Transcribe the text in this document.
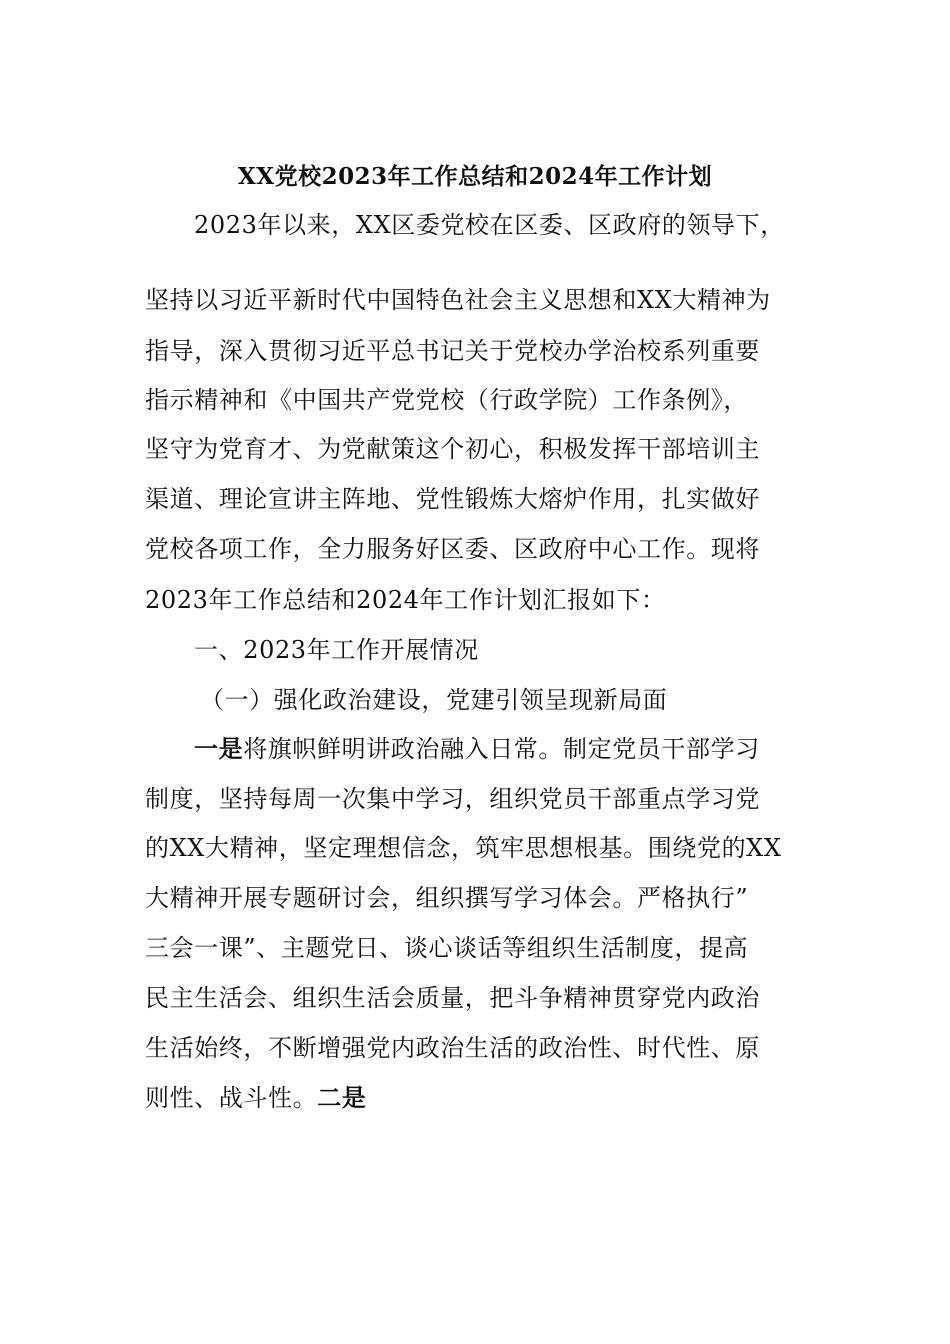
XX党校2023年工作总结和2024年工作计划
2023年以来，XX区委党校在区委、区政府的领导下，
坚持以习近平新时代中国特色社会主义思想和XX大精神为
指导，深入贯彻习近平总书记关于党校办学治校系列重要
指示精神和《中国共产党党校（行政学院）工作条例》，
坚守为党育才、为党献策这个初心，积极发挥干部培训主
渠道、理论宣讲主阵地、党性锻炼大熔炉作用，扎实做好
党校各项工作，全力服务好区委、区政府中心工作。现将
2023年工作总结和2024年工作计划汇报如下：
一、2023年工作开展情况
（一）强化政治建设，党建引领呈现新局面
一是将旗帜鲜明讲政治融入日常。制定党员干部学习
制度，坚持每周一次集中学习，组织党员干部重点学习党
的XX大精神，坚定理想信念，筑牢思想根基。围绕党的XX
大精神开展专题研讨会，组织撰写学习体会。严格执行”
三会一课”、主题党日、谈心谈话等组织生活制度，提高
民主生活会、组织生活会质量，把斗争精神贯穿党内政治
生活始终，不断增强党内政治生活的政治性、时代性、原
则性、战斗性。二是
